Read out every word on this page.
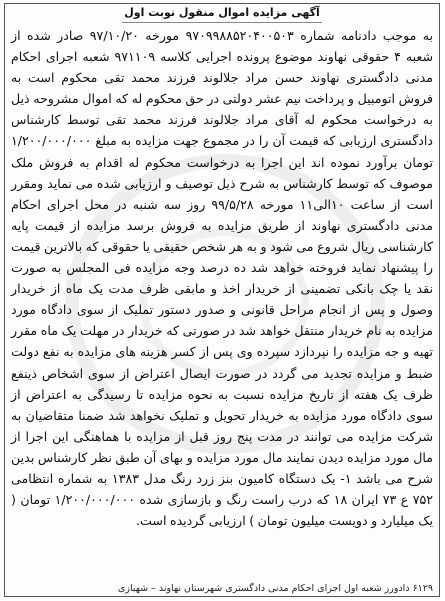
آگهی مزایده اموال منقول نوبت اول

به موجب دادنامه شماره ۹۷۰۹۹۸۸۵۲۰۴۰۰۵۰۳ مورخه ۹۷/۱۰/۲۰ صادر شده از شعبه ۴ حقوقی نهاوند موضوع پرونده اجرایی کلاسه ۹۷۱۱۰۹ شعبه اجرای احکام مدنی دادگستری نهاوند حسن مراد جلالوند فرزند محمد تقی محکوم است به فروش اتومبیل و پرداخت نیم عشر دولتی در حق محکوم له که اموال مشروحه ذیل به درخواست محکوم له آقای مراد جلالوند فرزند محمد تقی توسط کارشناس دادگستری ارزیابی که قیمت آن را در مجموع جهت مزایده به مبلغ ۱/۲۰۰/۰۰۰/۰۰۰ تومان برآورد نموده اند این اجرا به درخواست محکوم له اقدام به فروش ملک موصوف که توسط کارشناس به شرح ذیل توصیف و ارزیابی شده می نماید ومقرر است از ساعت ۱۰الی۱۱ مورخه ۹۹/۵/۲۸ روز سه شنبه در محل اجرای احکام مدنی دادگستری نهاوند از طریق مزایده به فروش برسد مزایده از قیمت پایه کارشناسی ریال شروع می شود و به هر شخص حقیقی یا حقوقی که بالاترین قیمت را پیشنهاد نماید فروخته خواهد شد ده درصد وجه مزایده فی المجلس به صورت نقد یا چک بانکی تضمینی از خریدار اخذ و مابقی ظرف مدت یک ماه از خریدار وصول و پس از انجام مراحل قانونی و صدور دستور تملیک از سوی دادگاه مورد مزایده به نام خریدار منتقل خواهد شد در صورتی که خریدار در مهلت یک ماه مقرر تهیه و جه مزایده را نپردازد سپرده وی پس از کسر هزینه های مزایده به نفع دولت ضبط و مزایده تجدید می گردد در صورت ایصال اعتراض از سوی اشخاص ذینفع ظرف یک هفته از تاریخ مزایده نسبت به نحوه مزایده تا رسیدگی به اعتراض از سوی دادگاه مورد مزایده به خریدار تحویل و تملیک نخواهد شد ضمنا متقاضیان به شرکت مزایده می توانند در مدت پنج روز قبل از مزایده با هماهنگی این اجرا از مال مورد مزایده دیدن نمایند مال مورد مزایده و بهای آن طبق نظر کارشناس بدین شرح می باشد ۱- یک دستگاه کامیون بنز زرد رنگ مدل ۱۳۸۳ به شماره انتظامی ۷۵۲ ع ۷۳ ایران ۱۸ که درب راست رنگ و بازسازی شده ۱/۲۰۰/۰۰۰/۰۰۰ تومان ( یک میلیارد و دویست میلیون تومان ) ارزیابی گردیده است.

۶۱۲۹ دادورز شعبه اول اجرای احکام مدنی دادگستری شهرستان نهاوند – شهبازی
